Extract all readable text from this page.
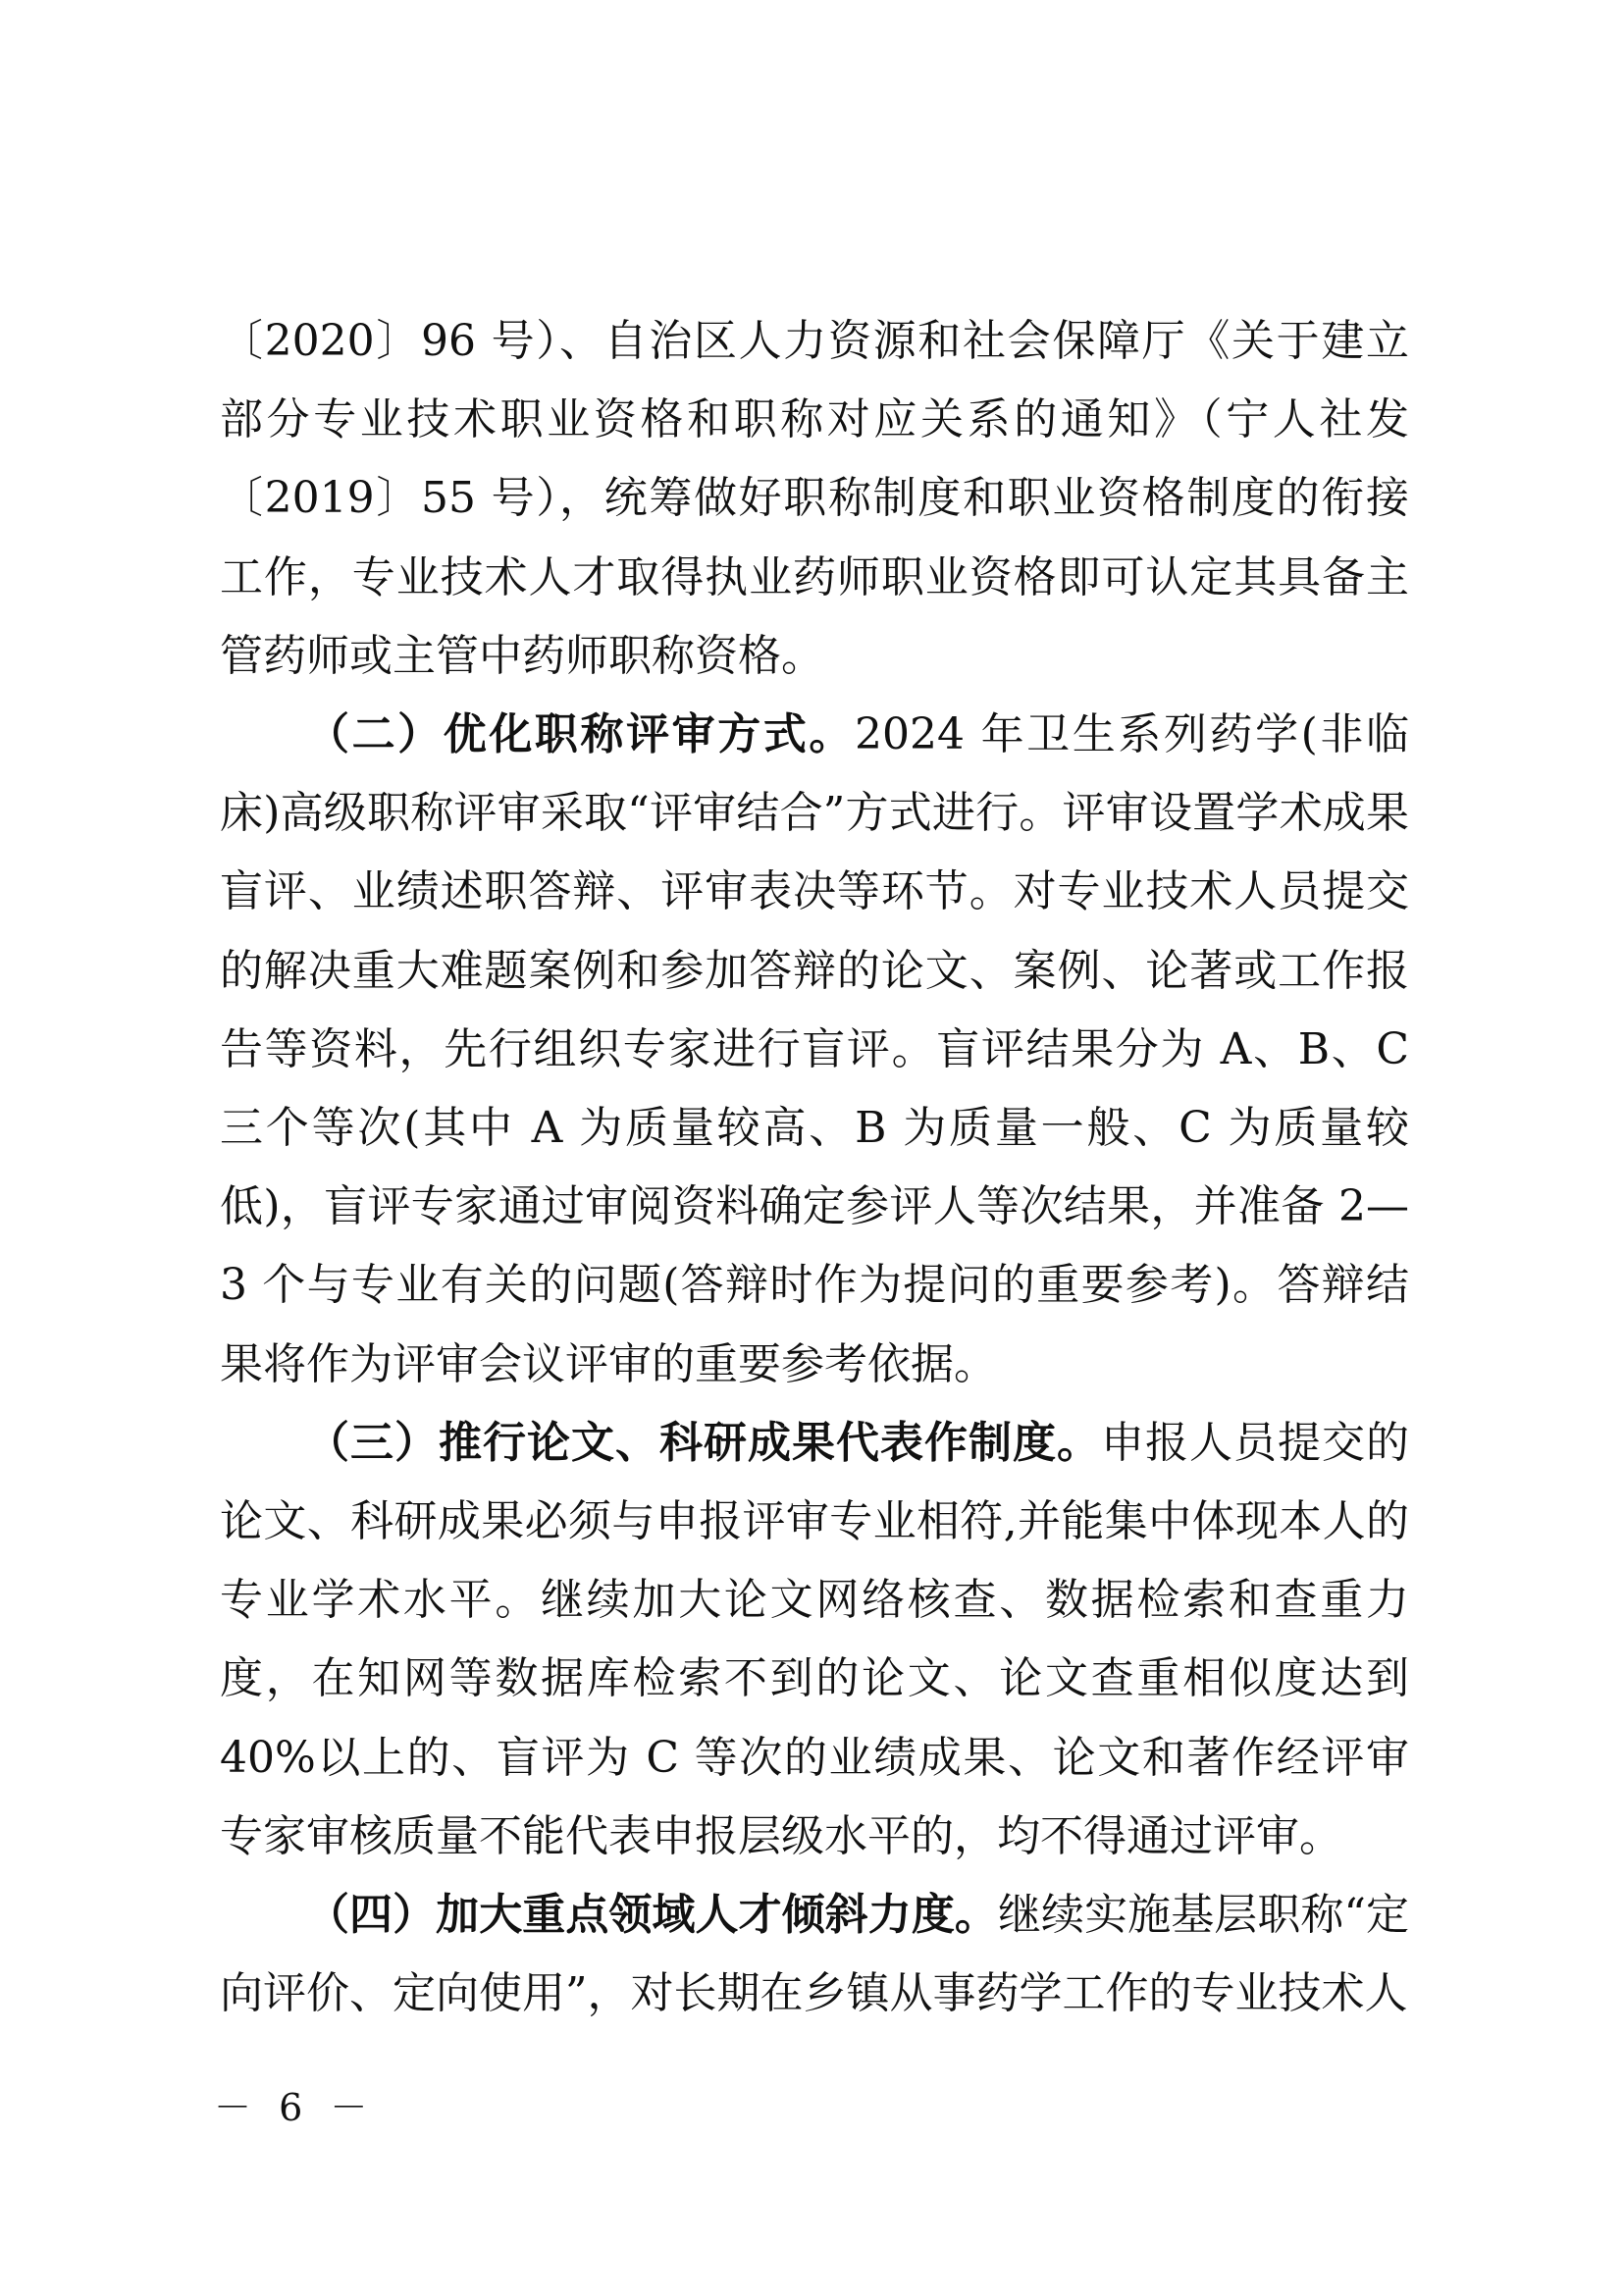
〔2020〕96 号）、自治区人力资源和社会保障厅《关于建立部分专业技术职业资格和职称对应关系的通知》（宁人社发〔2019〕55 号），统筹做好职称制度和职业资格制度的衔接工作，专业技术人才取得执业药师职业资格即可认定其具备主管药师或主管中药师职称资格。

（二）优化职称评审方式。2024 年卫生系列药学(非临床)高级职称评审采取“评审结合”方式进行。评审设置学术成果盲评、业绩述职答辩、评审表决等环节。对专业技术人员提交的解决重大难题案例和参加答辩的论文、案例、论著或工作报告等资料，先行组织专家进行盲评。盲评结果分为 A、B、C 三个等次(其中 A 为质量较高、B 为质量一般、C 为质量较低)，盲评专家通过审阅资料确定参评人等次结果，并准备 2—3 个与专业有关的问题(答辩时作为提问的重要参考)。答辩结果将作为评审会议评审的重要参考依据。

（三）推行论文、科研成果代表作制度。申报人员提交的论文、科研成果必须与申报评审专业相符,并能集中体现本人的专业学术水平。继续加大论文网络核查、数据检索和查重力度，在知网等数据库检索不到的论文、论文查重相似度达到 40%以上的、盲评为 C 等次的业绩成果、论文和著作经评审专家审核质量不能代表申报层级水平的，均不得通过评审。

（四）加大重点领域人才倾斜力度。继续实施基层职称“定向评价、定向使用”，对长期在乡镇从事药学工作的专业技术人

－ 6 －
